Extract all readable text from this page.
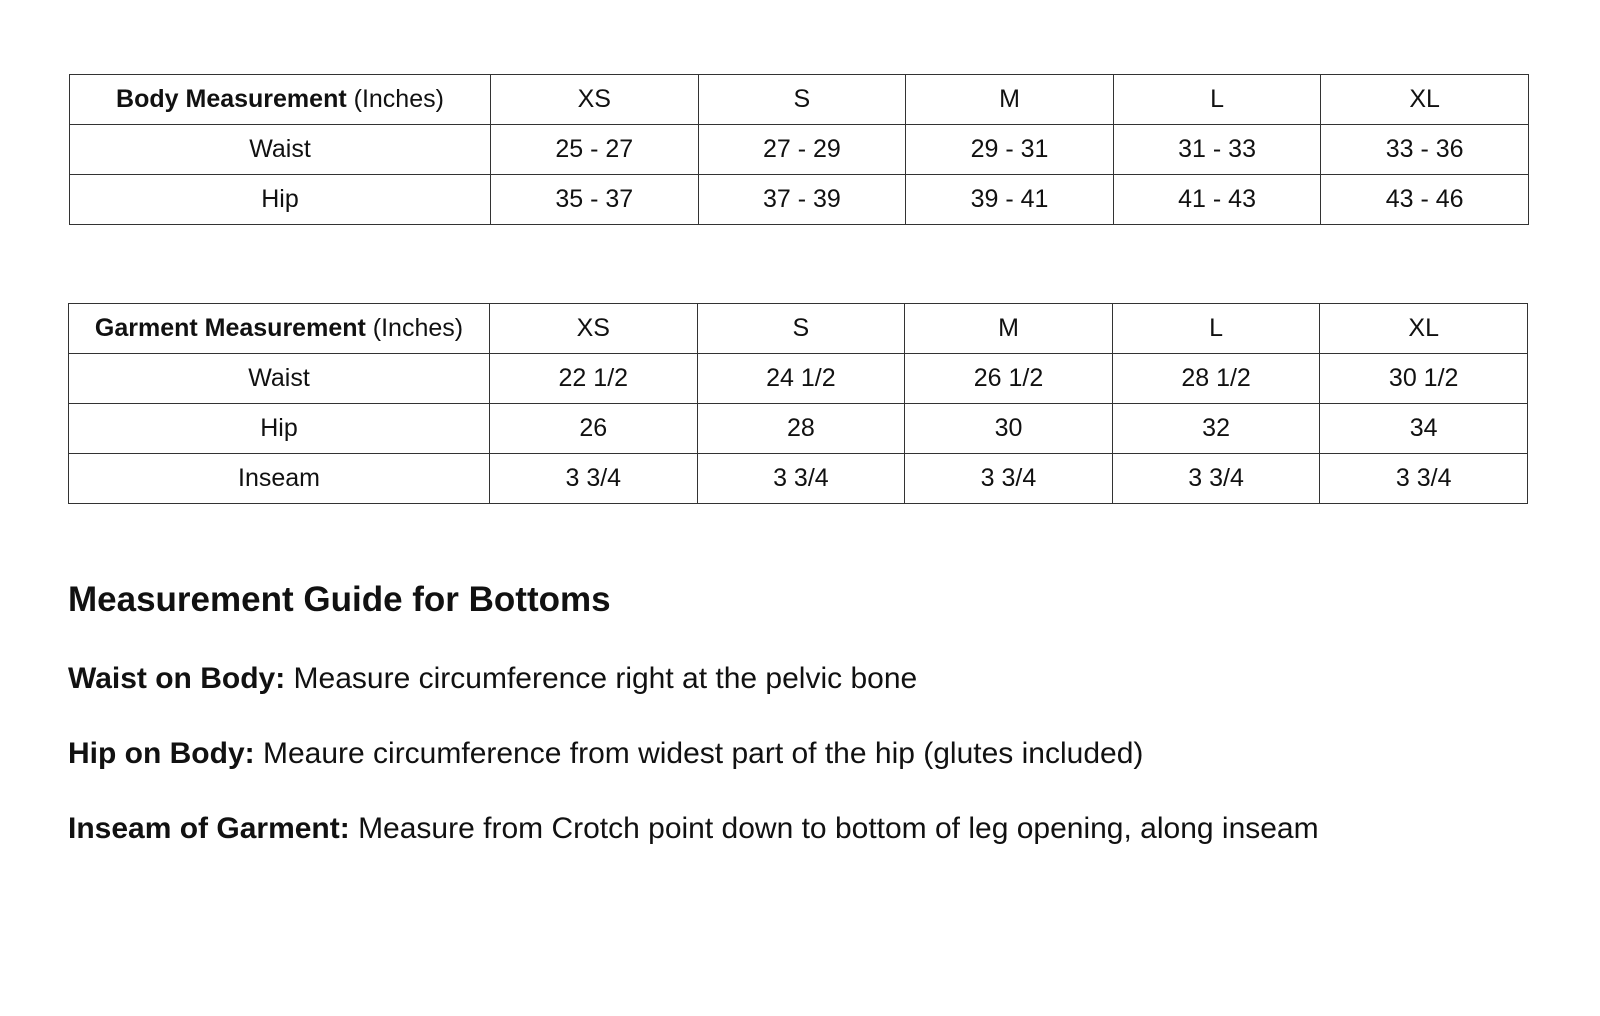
Body Measurement (Inches)	XS	S	M	L	XL
Waist	25 - 27	27 - 29	29 - 31	31 - 33	33 - 36
Hip	35 - 37	37 - 39	39 - 41	41 - 43	43 - 46
Garment Measurement (Inches)	XS	S	M	L	XL
Waist	22 1/2	24 1/2	26 1/2	28 1/2	30 1/2
Hip	26	28	30	32	34
Inseam	3 3/4	3 3/4	3 3/4	3 3/4	3 3/4
Measurement Guide for Bottoms
Waist on Body: Measure circumference right at the pelvic bone
Hip on Body: Meaure circumference from widest part of the hip (glutes included)
Inseam of Garment: Measure from Crotch point down to bottom of leg opening, along inseam
